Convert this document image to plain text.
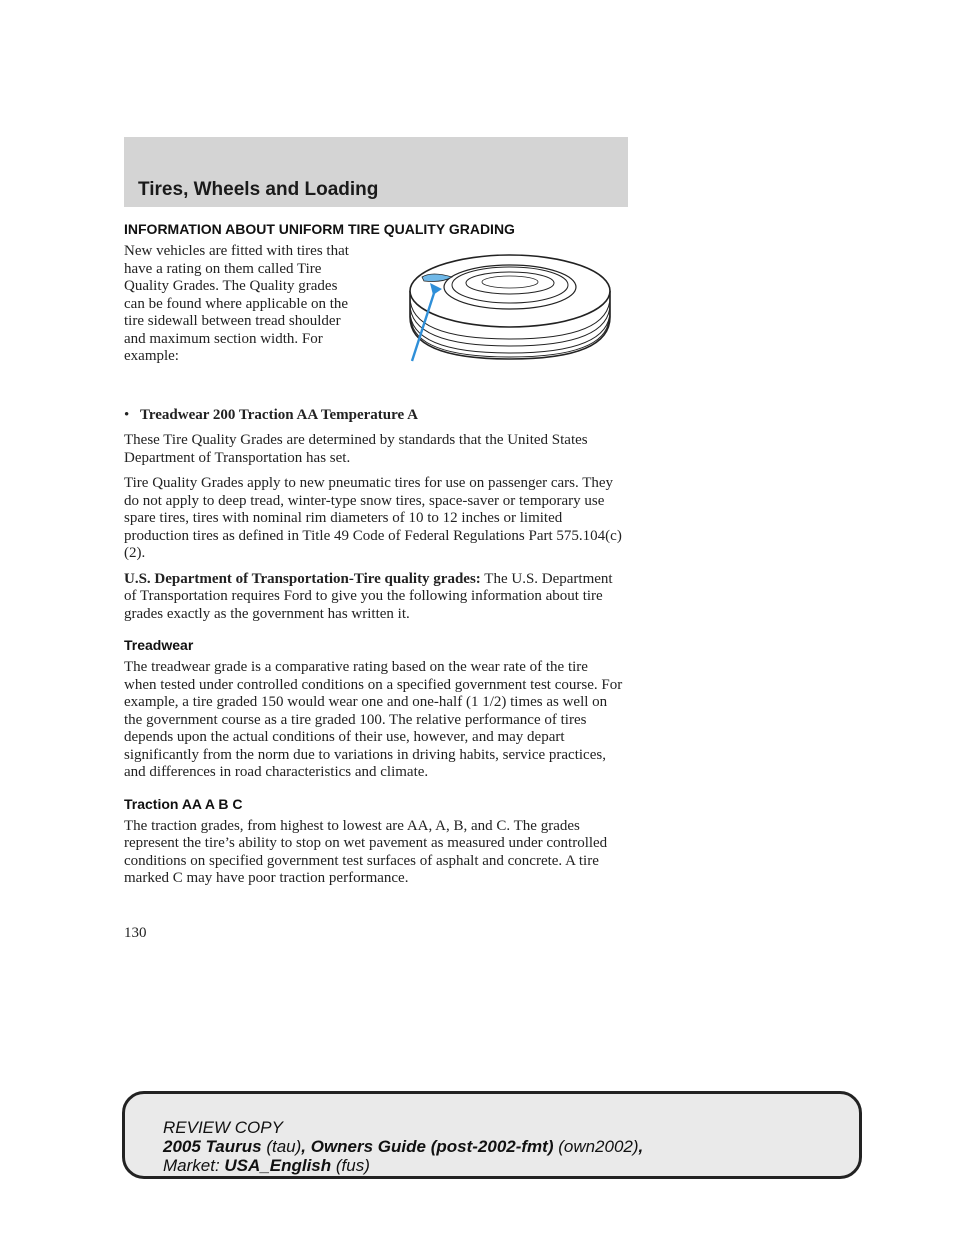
Tires, Wheels and Loading
INFORMATION ABOUT UNIFORM TIRE QUALITY GRADING

New vehicles are fitted with tires that have a rating on them called Tire Quality Grades. The Quality grades can be found where applicable on the tire sidewall between tread shoulder and maximum section width. For example:

• Treadwear 200 Traction AA Temperature A

These Tire Quality Grades are determined by standards that the United States Department of Transportation has set.

Tire Quality Grades apply to new pneumatic tires for use on passenger cars. They do not apply to deep tread, winter-type snow tires, space-saver or temporary use spare tires, tires with nominal rim diameters of 10 to 12 inches or limited production tires as defined in Title 49 Code of Federal Regulations Part 575.104(c)(2).

U.S. Department of Transportation-Tire quality grades: The U.S. Department of Transportation requires Ford to give you the following information about tire grades exactly as the government has written it.

Treadwear

The treadwear grade is a comparative rating based on the wear rate of the tire when tested under controlled conditions on a specified government test course. For example, a tire graded 150 would wear one and one-half (1 1/2) times as well on the government course as a tire graded 100. The relative performance of tires depends upon the actual conditions of their use, however, and may depart significantly from the norm due to variations in driving habits, service practices, and differences in road characteristics and climate.

Traction AA A B C

The traction grades, from highest to lowest are AA, A, B, and C. The grades represent the tire’s ability to stop on wet pavement as measured under controlled conditions on specified government test surfaces of asphalt and concrete. A tire marked C may have poor traction performance.

130
REVIEW COPY
2005 Taurus (tau), Owners Guide (post-2002-fmt) (own2002),
Market: USA_English (fus)
